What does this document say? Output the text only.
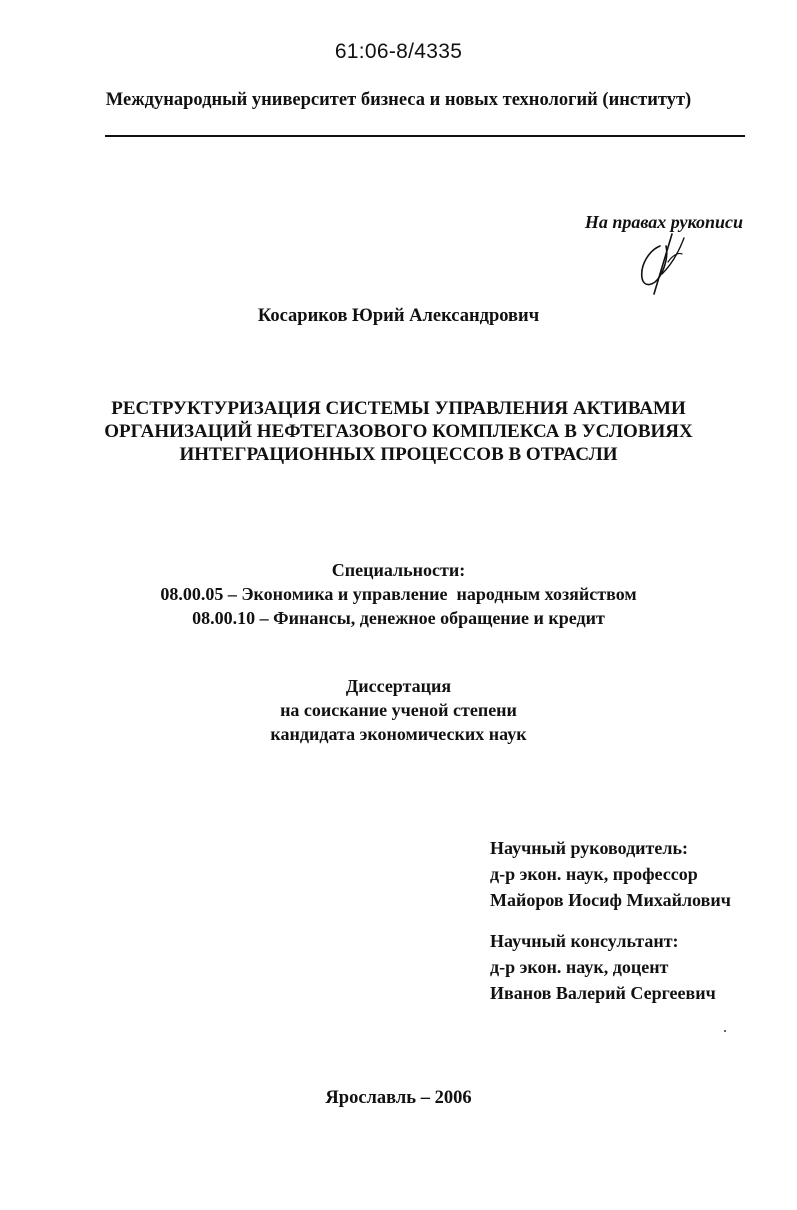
61:06-8/4335
Международный университет бизнеса и новых технологий (институт)
На правах рукописи
Косариков Юрий Александрович
РЕСТРУКТУРИЗАЦИЯ СИСТЕМЫ УПРАВЛЕНИЯ АКТИВАМИ
ОРГАНИЗАЦИЙ НЕФТЕГАЗОВОГО КОМПЛЕКСА В УСЛОВИЯХ
ИНТЕГРАЦИОННЫХ ПРОЦЕССОВ В ОТРАСЛИ
Специальности:
08.00.05 – Экономика и управление  народным хозяйством
08.00.10 – Финансы, денежное обращение и кредит
Диссертация
на соискание ученой степени
кандидата экономических наук
Научный руководитель:
д-р экон. наук, профессор
Майоров Иосиф Михайлович
Научный консультант:
д-р экон. наук, доцент
Иванов Валерий Сергеевич
Ярославль – 2006
